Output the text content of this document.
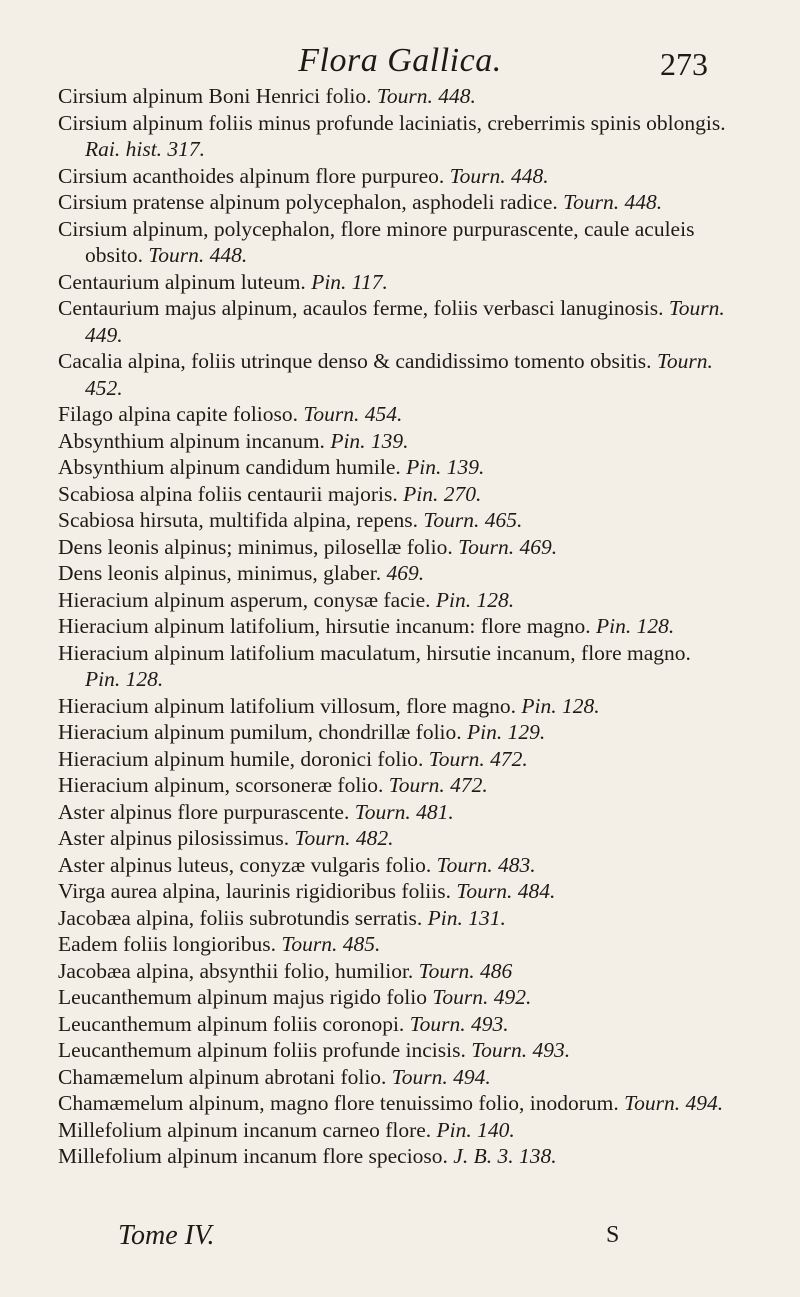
Flora Gallica.	273
Cirsium alpinum Boni Henrici folio. Tourn. 448.
Cirsium alpinum foliis minus profunde laciniatis, creberrimis spinis oblongis. Rai. hist. 317.
Cirsium acanthoides alpinum flore purpureo. Tourn. 448.
Cirsium pratense alpinum polycephalon, asphodeli radice. Tourn. 448.
Cirsium alpinum, polycephalon, flore minore purpurascente, caule aculeis obsito. Tourn. 448.
Centaurium alpinum luteum. Pin. 117.
Centaurium majus alpinum, acaulos ferme, foliis verbasci lanuginosis. Tourn. 449.
Cacalia alpina, foliis utrinque denso & candidissimo tomento obsitis. Tourn. 452.
Filago alpina capite folioso. Tourn. 454.
Absynthium alpinum incanum. Pin. 139.
Absynthium alpinum candidum humile. Pin. 139.
Scabiosa alpina foliis centaurii majoris. Pin. 270.
Scabiosa hirsuta, multifida alpina, repens. Tourn. 465.
Dens leonis alpinus; minimus, pilosellæ folio. Tourn. 469.
Dens leonis alpinus, minimus, glaber. 469.
Hieracium alpinum asperum, conysæ facie. Pin. 128.
Hieracium alpinum latifolium, hirsutie incanum: flore magno. Pin. 128.
Hieracium alpinum latifolium maculatum, hirsutie incanum, flore magno. Pin. 128.
Hieracium alpinum latifolium villosum, flore magno. Pin. 128.
Hieracium alpinum pumilum, chondrillæ folio. Pin. 129.
Hieracium alpinum humile, doronici folio. Tourn. 472.
Hieracium alpinum, scorsoneræ folio. Tourn. 472.
Aster alpinus flore purpurascente. Tourn. 481.
Aster alpinus pilosissimus. Tourn. 482.
Aster alpinus luteus, conyzæ vulgaris folio. Tourn. 483.
Virga aurea alpina, laurinis rigidioribus foliis. Tourn. 484.
Jacobæa alpina, foliis subrotundis serratis. Pin. 131.
Eadem foliis longioribus. Tourn. 485.
Jacobæa alpina, absynthii folio, humilior. Tourn. 486
Leucanthemum alpinum majus rigido folio Tourn. 492.
Leucanthemum alpinum foliis coronopi. Tourn. 493.
Leucanthemum alpinum foliis profunde incisis. Tourn. 493.
Chamæmelum alpinum abrotani folio. Tourn. 494.
Chamæmelum alpinum, magno flore tenuissimo folio, inodorum. Tourn. 494.
Millefolium alpinum incanum carneo flore. Pin. 140.
Millefolium alpinum incanum flore specioso. J. B. 3. 138.
Tome IV.	S
